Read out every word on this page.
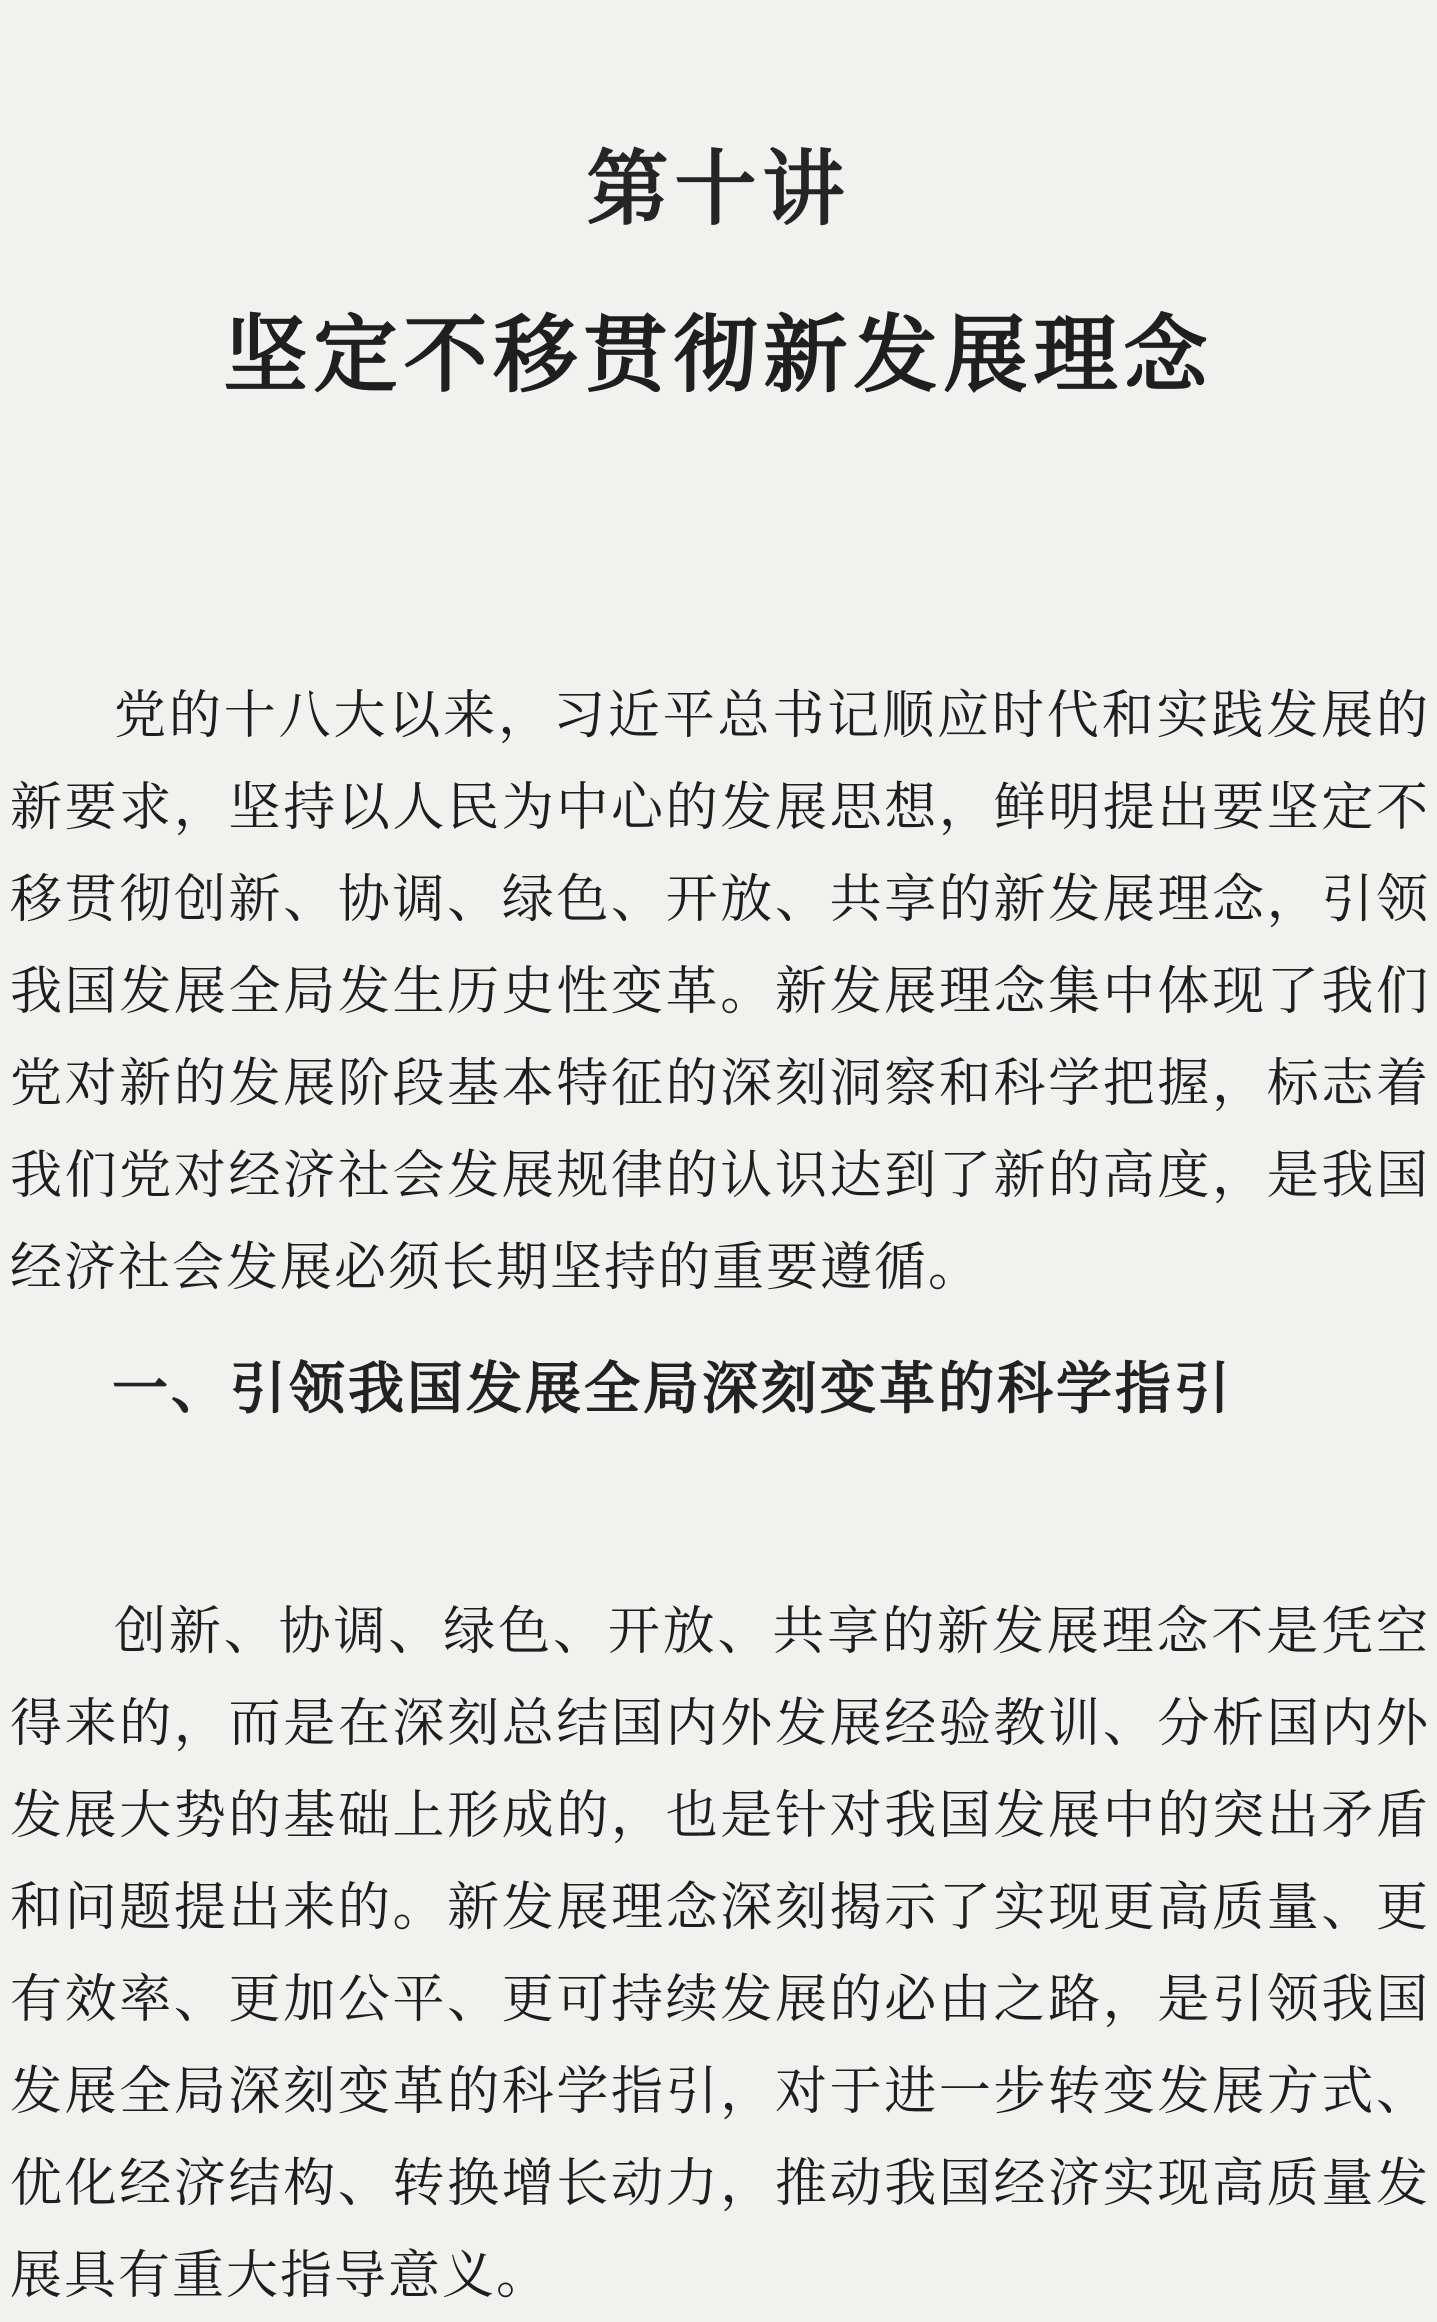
第十讲
坚定不移贯彻新发展理念

党的十八大以来，习近平总书记顺应时代和实践发展的新要求，坚持以人民为中心的发展思想，鲜明提出要坚定不移贯彻创新、协调、绿色、开放、共享的新发展理念，引领我国发展全局发生历史性变革。新发展理念集中体现了我们党对新的发展阶段基本特征的深刻洞察和科学把握，标志着我们党对经济社会发展规律的认识达到了新的高度，是我国经济社会发展必须长期坚持的重要遵循。

一、引领我国发展全局深刻变革的科学指引

创新、协调、绿色、开放、共享的新发展理念不是凭空得来的，而是在深刻总结国内外发展经验教训、分析国内外发展大势的基础上形成的，也是针对我国发展中的突出矛盾和问题提出来的。新发展理念深刻揭示了实现更高质量、更有效率、更加公平、更可持续发展的必由之路，是引领我国发展全局深刻变革的科学指引，对于进一步转变发展方式、优化经济结构、转换增长动力，推动我国经济实现高质量发展具有重大指导意义。
